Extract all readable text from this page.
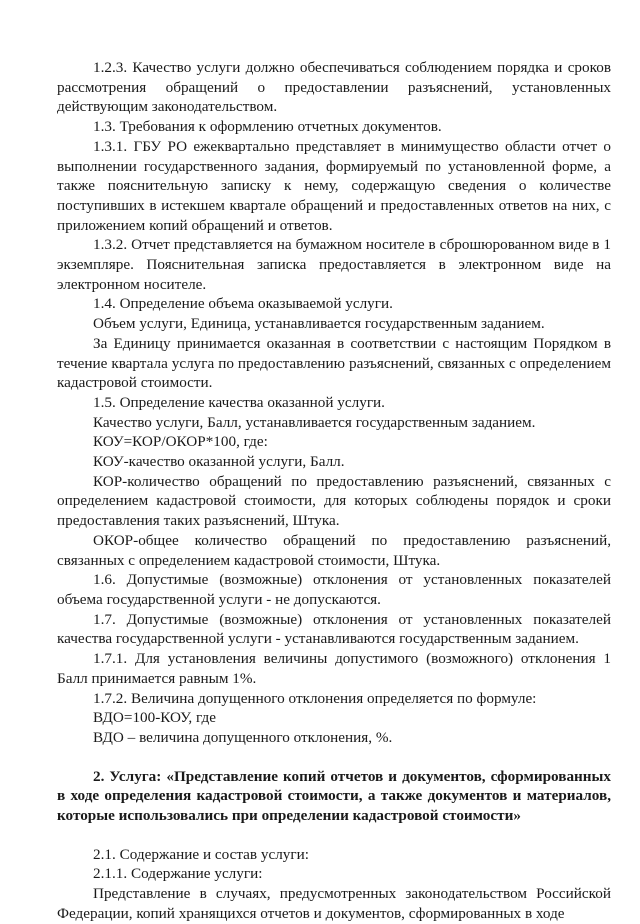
1.2.3. Качество услуги должно обеспечиваться соблюдением порядка и сроков рассмотрения обращений о предоставлении разъяснений, установленных действующим законодательством.

1.3. Требования к оформлению отчетных документов.

1.3.1. ГБУ РО ежеквартально представляет в минимущество области отчет о выполнении государственного задания, формируемый по установленной форме, а также пояснительную записку к нему, содержащую сведения о количестве поступивших в истекшем квартале обращений и предоставленных ответов на них, с приложением копий обращений и ответов.

1.3.2. Отчет представляется на бумажном носителе в сброшюрованном виде в 1 экземпляре. Пояснительная записка предоставляется в электронном виде на электронном носителе.

1.4. Определение объема оказываемой услуги.

Объем услуги, Единица, устанавливается государственным заданием.

За Единицу принимается оказанная в соответствии с настоящим Порядком в течение квартала услуга по предоставлению разъяснений, связанных с определением кадастровой стоимости.

1.5. Определение качества оказанной услуги.

Качество услуги, Балл, устанавливается государственным заданием.

КОУ=КОР/ОКОР*100, где:

КОУ-качество оказанной услуги, Балл.

КОР-количество обращений по предоставлению разъяснений, связанных с определением кадастровой стоимости, для которых соблюдены порядок и сроки предоставления таких разъяснений, Штука.

ОКОР-общее количество обращений по предоставлению разъяснений, связанных с определением кадастровой стоимости, Штука.

1.6. Допустимые (возможные) отклонения от установленных показателей объема государственной услуги - не допускаются.

1.7. Допустимые (возможные) отклонения от установленных показателей качества государственной услуги - устанавливаются государственным заданием.

1.7.1. Для установления величины допустимого (возможного) отклонения 1 Балл принимается равным 1%.

1.7.2. Величина допущенного отклонения определяется по формуле:

ВДО=100-КОУ, где

ВДО – величина допущенного отклонения, %.

2. Услуга: «Представление копий отчетов и документов, сформированных в ходе определения кадастровой стоимости, а также документов и материалов, которые использовались при определении кадастровой стоимости»

2.1. Содержание и состав услуги:

2.1.1. Содержание услуги:

Представление в случаях, предусмотренных законодательством Российской Федерации, копий хранящихся отчетов и документов, сформированных в ходе
